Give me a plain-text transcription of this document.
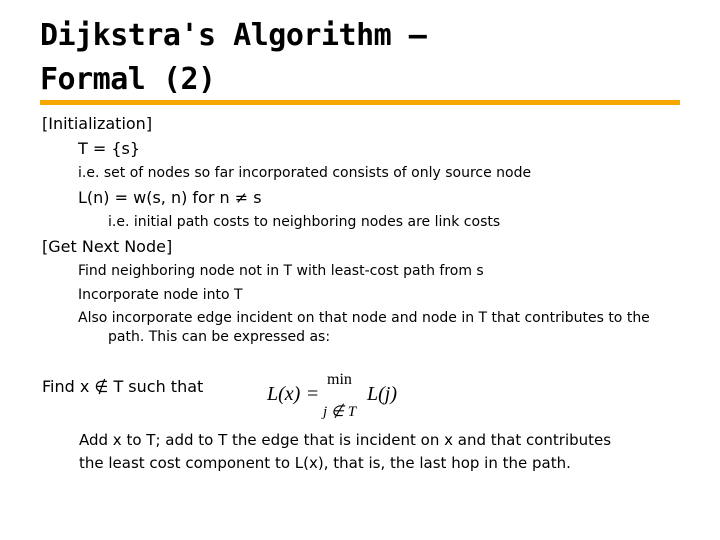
Dijkstra's Algorithm –
Formal (2)
[Initialization]
T = {s}
i.e. set of nodes so far incorporated consists of only source node
L(n) = w(s, n) for n ≠ s
i.e. initial path costs to neighboring nodes are link costs
[Get Next Node]
Find neighboring node not in T with least-cost path from s
Incorporate node into T
Also incorporate edge incident on that node and node in T that contributes to the
path. This can be expressed as:
Find x ∉ T such that	L(x) =
min
j ∉ T
L(j)
Add x to T; add to T the edge that is incident on x and that contributes
the least cost component to L(x), that is, the last hop in the path.
